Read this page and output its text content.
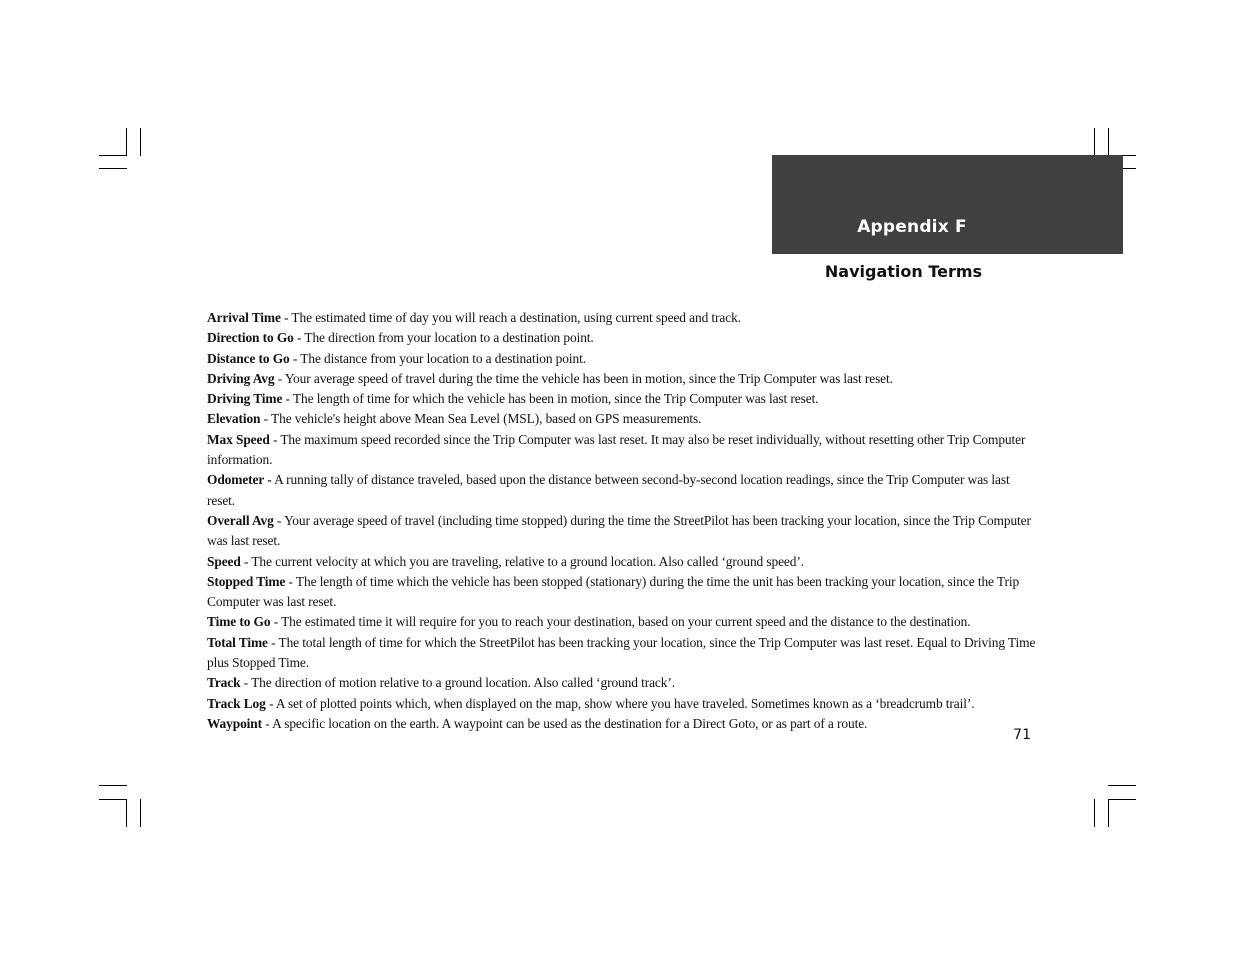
Appendix F
Navigation Terms

Arrival Time - The estimated time of day you will reach a destination, using current speed and track.

Direction to Go - The direction from your location to a destination point.

Distance to Go - The distance from your location to a destination point.

Driving Avg - Your average speed of travel during the time the vehicle has been in motion, since the Trip Computer was last reset.

Driving Time - The length of time for which the vehicle has been in motion, since the Trip Computer was last reset.

Elevation - The vehicle's height above Mean Sea Level (MSL), based on GPS measurements.

Max Speed - The maximum speed recorded since the Trip Computer was last reset. It may also be reset individually, without resetting other Trip Computer information.

Odometer - A running tally of distance traveled, based upon the distance between second-by-second location readings, since the Trip Computer was last reset.

Overall Avg - Your average speed of travel (including time stopped) during the time the StreetPilot has been tracking your location, since the Trip Computer was last reset.

Speed - The current velocity at which you are traveling, relative to a ground location. Also called ‘ground speed’.

Stopped Time - The length of time which the vehicle has been stopped (stationary) during the time the unit has been tracking your location, since the Trip Computer was last reset.

Time to Go - The estimated time it will require for you to reach your destination, based on your current speed and the distance to the destination.

Total Time - The total length of time for which the StreetPilot has been tracking your location, since the Trip Computer was last reset. Equal to Driving Time plus Stopped Time.

Track - The direction of motion relative to a ground location. Also called ‘ground track’.

Track Log - A set of plotted points which, when displayed on the map, show where you have traveled. Sometimes known as a ‘breadcrumb trail’.

Waypoint - A specific location on the earth. A waypoint can be used as the destination for a Direct Goto, or as part of a route.

71
